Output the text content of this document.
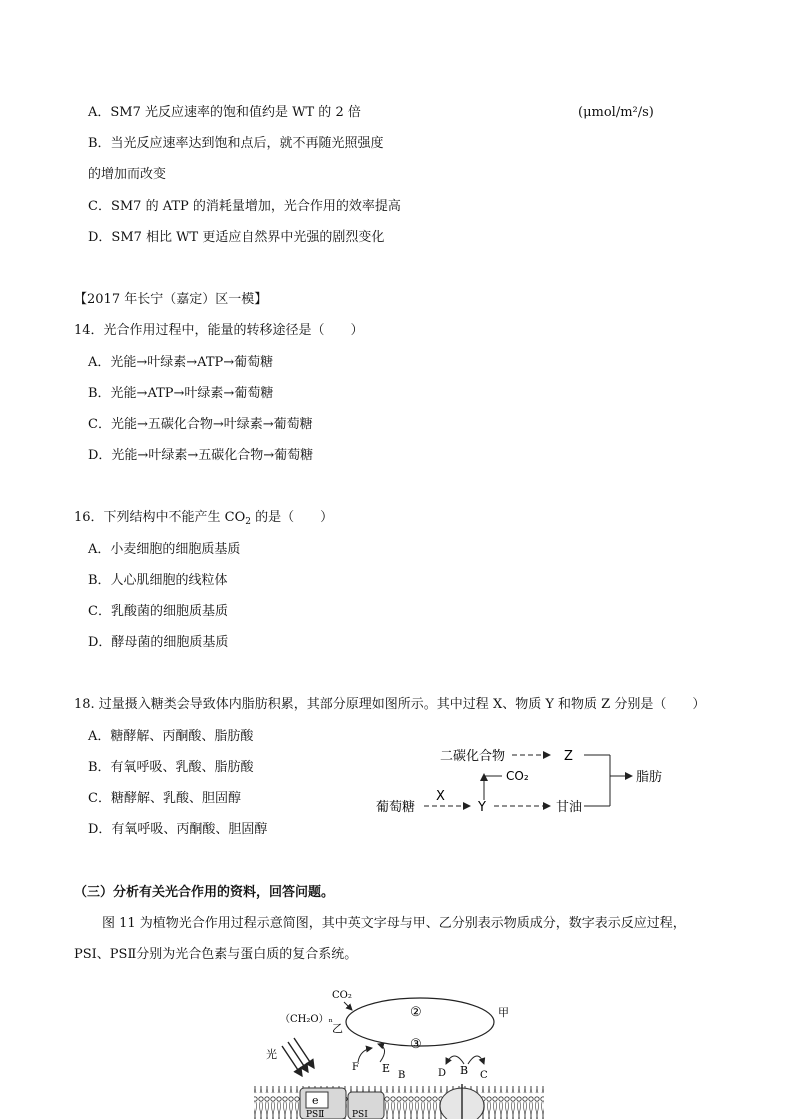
A．SM7 光反应速率的饱和值约是 WT 的 2 倍	(μmol/m²/s)
B．当光反应速率达到饱和点后，就不再随光照强度
的增加而改变
C．SM7 的 ATP 的消耗量增加，光合作用的效率提高
D．SM7 相比 WT 更适应自然界中光强的剧烈变化
【2017 年长宁（嘉定）区一模】
14．光合作用过程中，能量的转移途径是（　　）
A．光能→叶绿素→ATP→葡萄糖
B．光能→ATP→叶绿素→葡萄糖
C．光能→五碳化合物→叶绿素→葡萄糖
D．光能→叶绿素→五碳化合物→葡萄糖
16．下列结构中不能产生 $CO_2$ 的是（　　）
A．小麦细胞的细胞质基质
B．人心肌细胞的线粒体
C．乳酸菌的细胞质基质
D．酵母菌的细胞质基质
18. 过量摄入糖类会导致体内脂肪积累，其部分原理如图所示。其中过程 X、物质 Y 和物质 Z 分别是（　　）
A．糖酵解、丙酮酸、脂肪酸
B．有氧呼吸、乳酸、脂肪酸
C．糖酵解、乳酸、胆固醇
D．有氧呼吸、丙酮酸、胆固醇
二碳化合物	Z
脂肪
CO₂
葡萄糖
X
Y	甘油
（三）分析有关光合作用的资料，回答问题。
图 11 为植物光合作用过程示意简图，其中英文字母与甲、乙分别表示物质成分，数字表示反应过程，
PSⅠ、PSⅡ分别为光合色素与蛋白质的复合系统。
CO₂
（CH₂O）ₙ
乙
甲
②
③
光
F E
B	D B C
e
PSⅡ	PSⅠ
